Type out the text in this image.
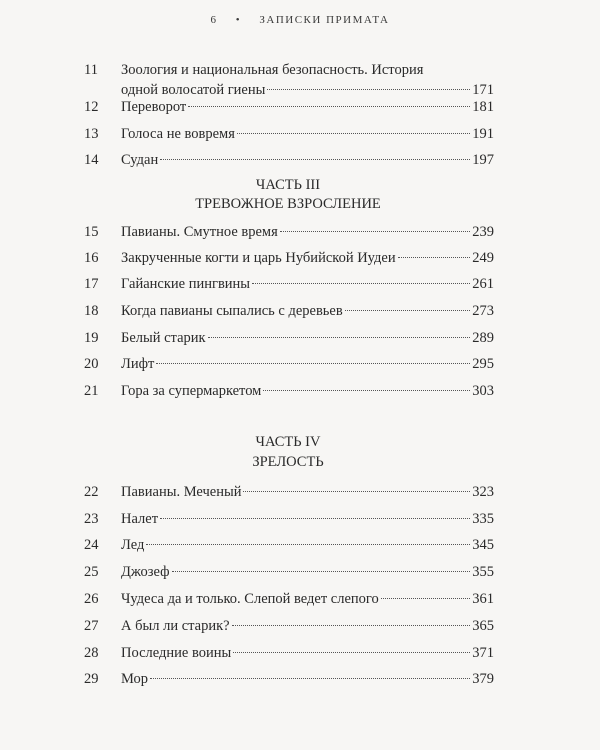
6 • ЗАПИСКИ ПРИМАТА
11	Зоология и национальная безопасность. История
одной волосатой гиены	171
12	Переворот	181
13	Голоса не вовремя	191
14	Судан	197
ЧАСТЬ III
ТРЕВОЖНОЕ ВЗРОСЛЕНИЕ
15	Павианы. Смутное время	239
16	Закрученные когти и царь Нубийской Иудеи	249
17	Гайанские пингвины	261
18	Когда павианы сыпались с деревьев	273
19	Белый старик	289
20	Лифт	295
21	Гора за супермаркетом	303
ЧАСТЬ IV
ЗРЕЛОСТЬ
22	Павианы. Меченый	323
23	Налет	335
24	Лед	345
25	Джозеф	355
26	Чудеса да и только. Слепой ведет слепого	361
27	А был ли старик?	365
28	Последние воины	371
29	Мор	379
